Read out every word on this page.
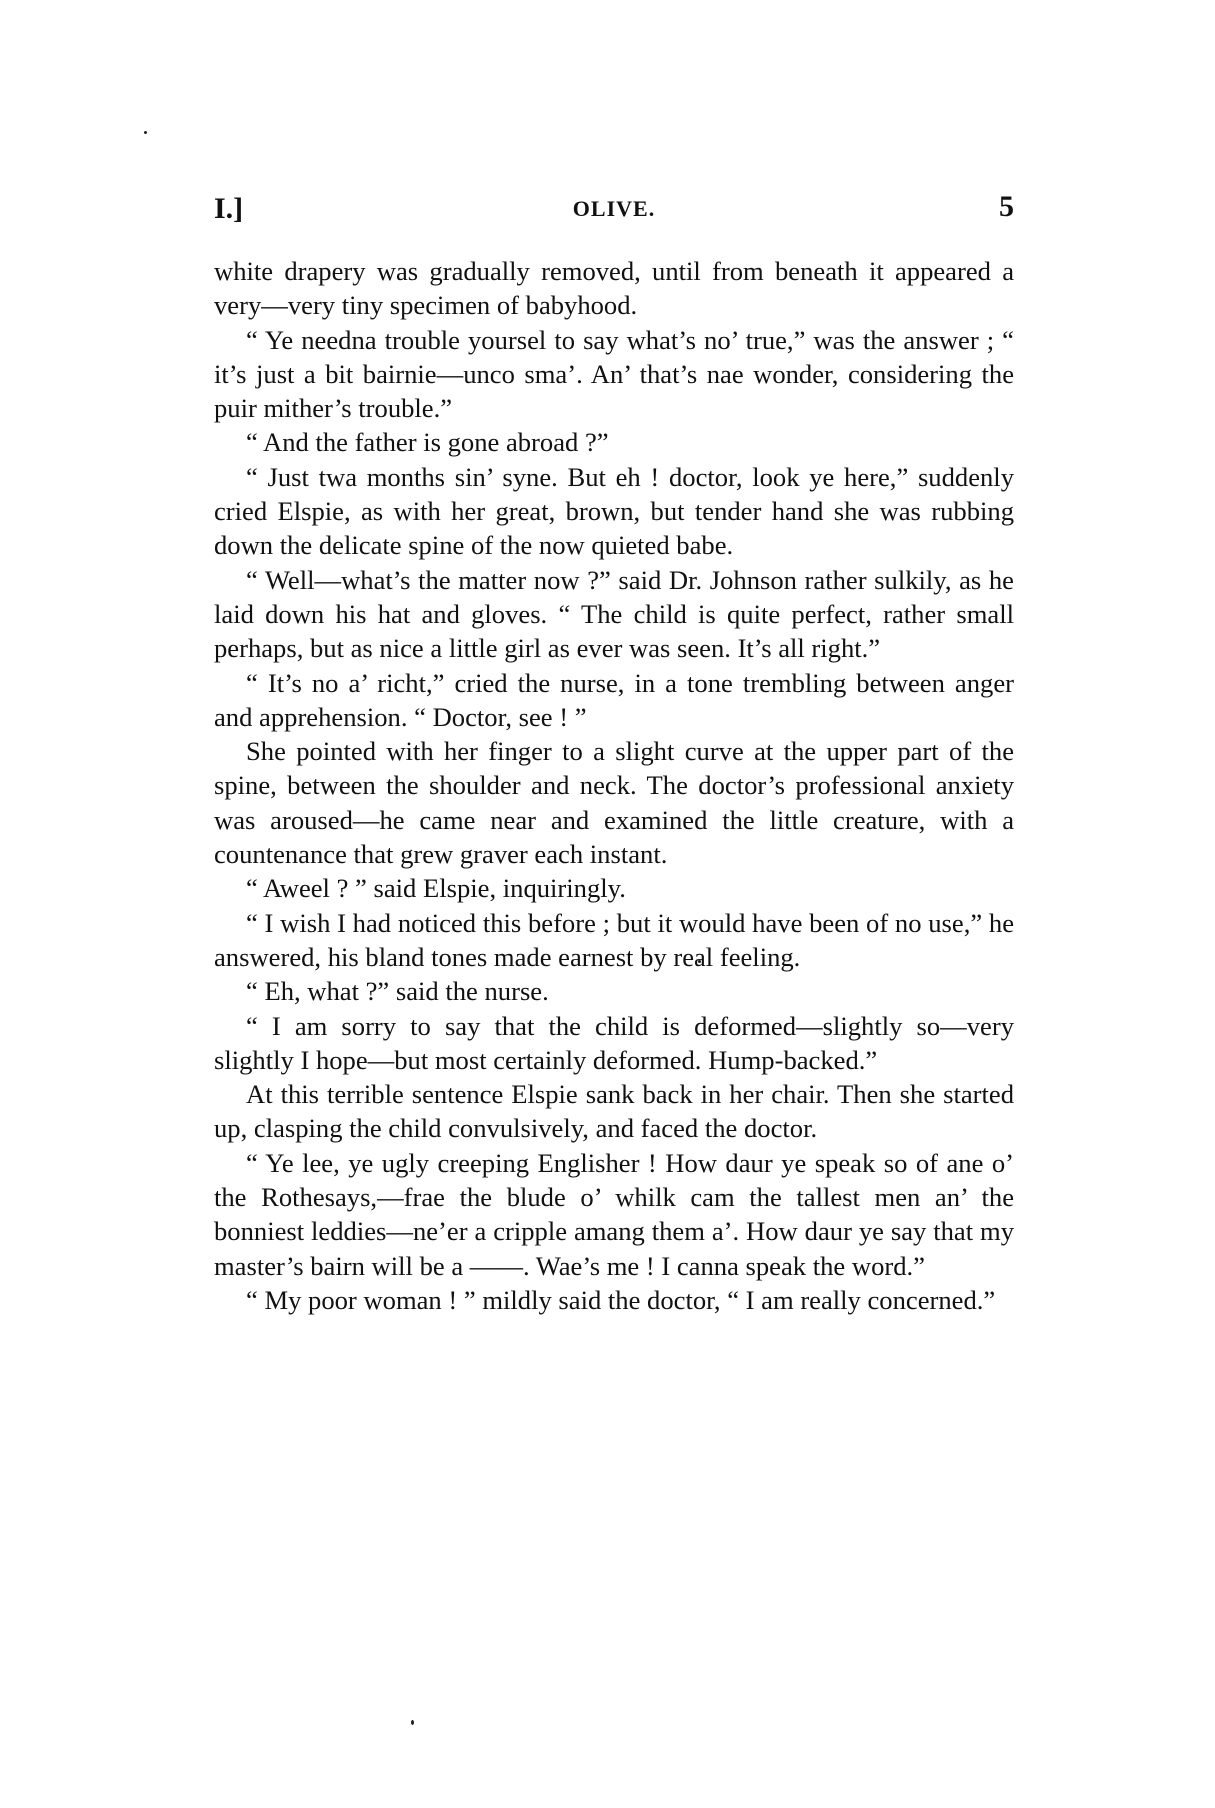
I.]	OLIVE.	5

white drapery was gradually removed, until from beneath it appeared a very—very tiny specimen of babyhood.

“ Ye needna trouble yoursel to say what’s no’ true,” was the answer ; “ it’s just a bit bairnie—unco sma’. An’ that’s nae wonder, considering the puir mither’s trouble.”

“ And the father is gone abroad ?”

“ Just twa months sin’ syne. But eh ! doctor, look ye here,” suddenly cried Elspie, as with her great, brown, but tender hand she was rubbing down the delicate spine of the now quieted babe.

“ Well—what’s the matter now ?” said Dr. Johnson rather sulkily, as he laid down his hat and gloves. “ The child is quite perfect, rather small perhaps, but as nice a little girl as ever was seen. It’s all right.”

“ It’s no a’ richt,” cried the nurse, in a tone trembling between anger and apprehension. “ Doctor, see ! ”

She pointed with her finger to a slight curve at the upper part of the spine, between the shoulder and neck. The doctor’s professional anxiety was aroused—he came near and examined the little creature, with a countenance that grew graver each instant.

“ Aweel ? ” said Elspie, inquiringly.

“ I wish I had noticed this before ; but it would have been of no use,” he answered, his bland tones made earnest by real feeling.

“ Eh, what ?” said the nurse.

“ I am sorry to say that the child is deformed—slightly so—very slightly I hope—but most certainly deformed. Hump-backed.”

At this terrible sentence Elspie sank back in her chair. Then she started up, clasping the child convulsively, and faced the doctor.

“ Ye lee, ye ugly creeping Englisher ! How daur ye speak so of ane o’ the Rothesays,—frae the blude o’ whilk cam the tallest men an’ the bonniest leddies—ne’er a cripple amang them a’. How daur ye say that my master’s bairn will be a ——. Wae’s me ! I canna speak the word.”

“ My poor woman ! ” mildly said the doctor, “ I am really concerned.”
